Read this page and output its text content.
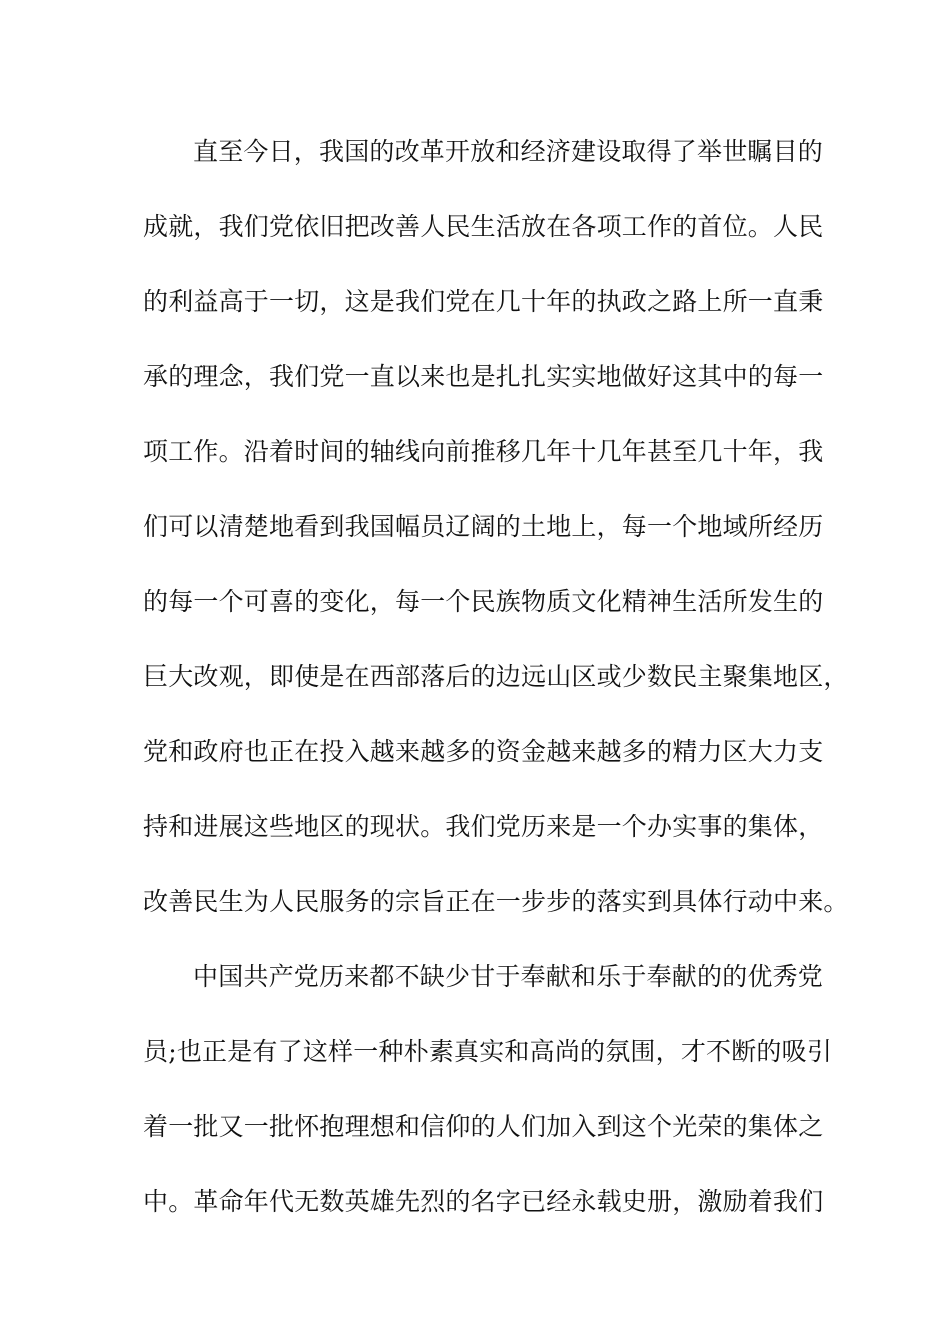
直至今日，我国的改革开放和经济建设取得了举世瞩目的
成就，我们党依旧把改善人民生活放在各项工作的首位。人民
的利益高于一切，这是我们党在几十年的执政之路上所一直秉
承的理念，我们党一直以来也是扎扎实实地做好这其中的每一
项工作。沿着时间的轴线向前推移几年十几年甚至几十年，我
们可以清楚地看到我国幅员辽阔的土地上，每一个地域所经历
的每一个可喜的变化，每一个民族物质文化精神生活所发生的
巨大改观，即使是在西部落后的边远山区或少数民主聚集地区，
党和政府也正在投入越来越多的资金越来越多的精力区大力支
持和进展这些地区的现状。我们党历来是一个办实事的集体，
改善民生为人民服务的宗旨正在一步步的落实到具体行动中来。
中国共产党历来都不缺少甘于奉献和乐于奉献的的优秀党
员;也正是有了这样一种朴素真实和高尚的氛围，才不断的吸引
着一批又一批怀抱理想和信仰的人们加入到这个光荣的集体之
中。革命年代无数英雄先烈的名字已经永载史册，激励着我们
